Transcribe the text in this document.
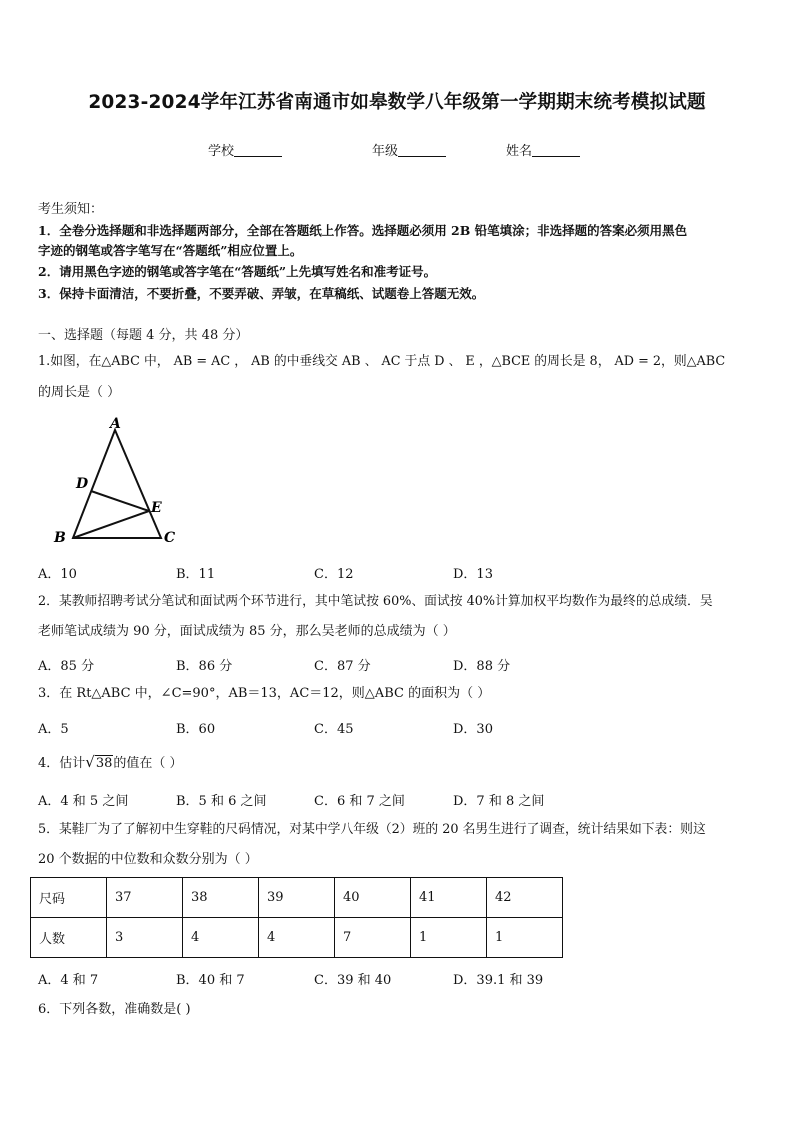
2023-2024学年江苏省南通市如皋数学八年级第一学期期末统考模拟试题
学校	年级	姓名
考生须知：
1．全卷分选择题和非选择题两部分，全部在答题纸上作答。选择题必须用 2B 铅笔填涂；非选择题的答案必须用黑色
字迹的钢笔或答字笔写在“答题纸”相应位置上。
2．请用黑色字迹的钢笔或答字笔在“答题纸”上先填写姓名和准考证号。
3．保持卡面清洁，不要折叠，不要弄破、弄皱，在草稿纸、试题卷上答题无效。
一、选择题（每题 4 分，共 48 分）
1.如图，在△ABC 中， AB = AC ， AB 的中垂线交 AB 、 AC 于点 D 、 E ，△BCE 的周长是 8， AD = 2，则△ABC
的周长是（ ）
A
D
E
B	C
A．10	B．11	C．12	D．13
2．某教师招聘考试分笔试和面试两个环节进行，其中笔试按 60%、面试按 40%计算加权平均数作为最终的总成绩．吴
老师笔试成绩为 90 分，面试成绩为 85 分，那么吴老师的总成绩为（ ）
A．85 分	B．86 分	C．87 分	D．88 分
3．在 Rt△ABC 中，∠C=90°，AB＝13，AC＝12，则△ABC 的面积为（ ）
A．5	B．60	C．45	D．30
4．估计√38的值在（ ）
A．4 和 5 之间	B．5 和 6 之间	C．6 和 7 之间	D．7 和 8 之间
5．某鞋厂为了了解初中生穿鞋的尺码情况，对某中学八年级（2）班的 20 名男生进行了调查，统计结果如下表：则这
20 个数据的中位数和众数分别为（ ）
尺码	37	38	39	40	41	42
人数	3	4	4	7	1	1
A．4 和 7	B．40 和 7	C．39 和 40	D．39.1 和 39
6．下列各数，准确数是( )
